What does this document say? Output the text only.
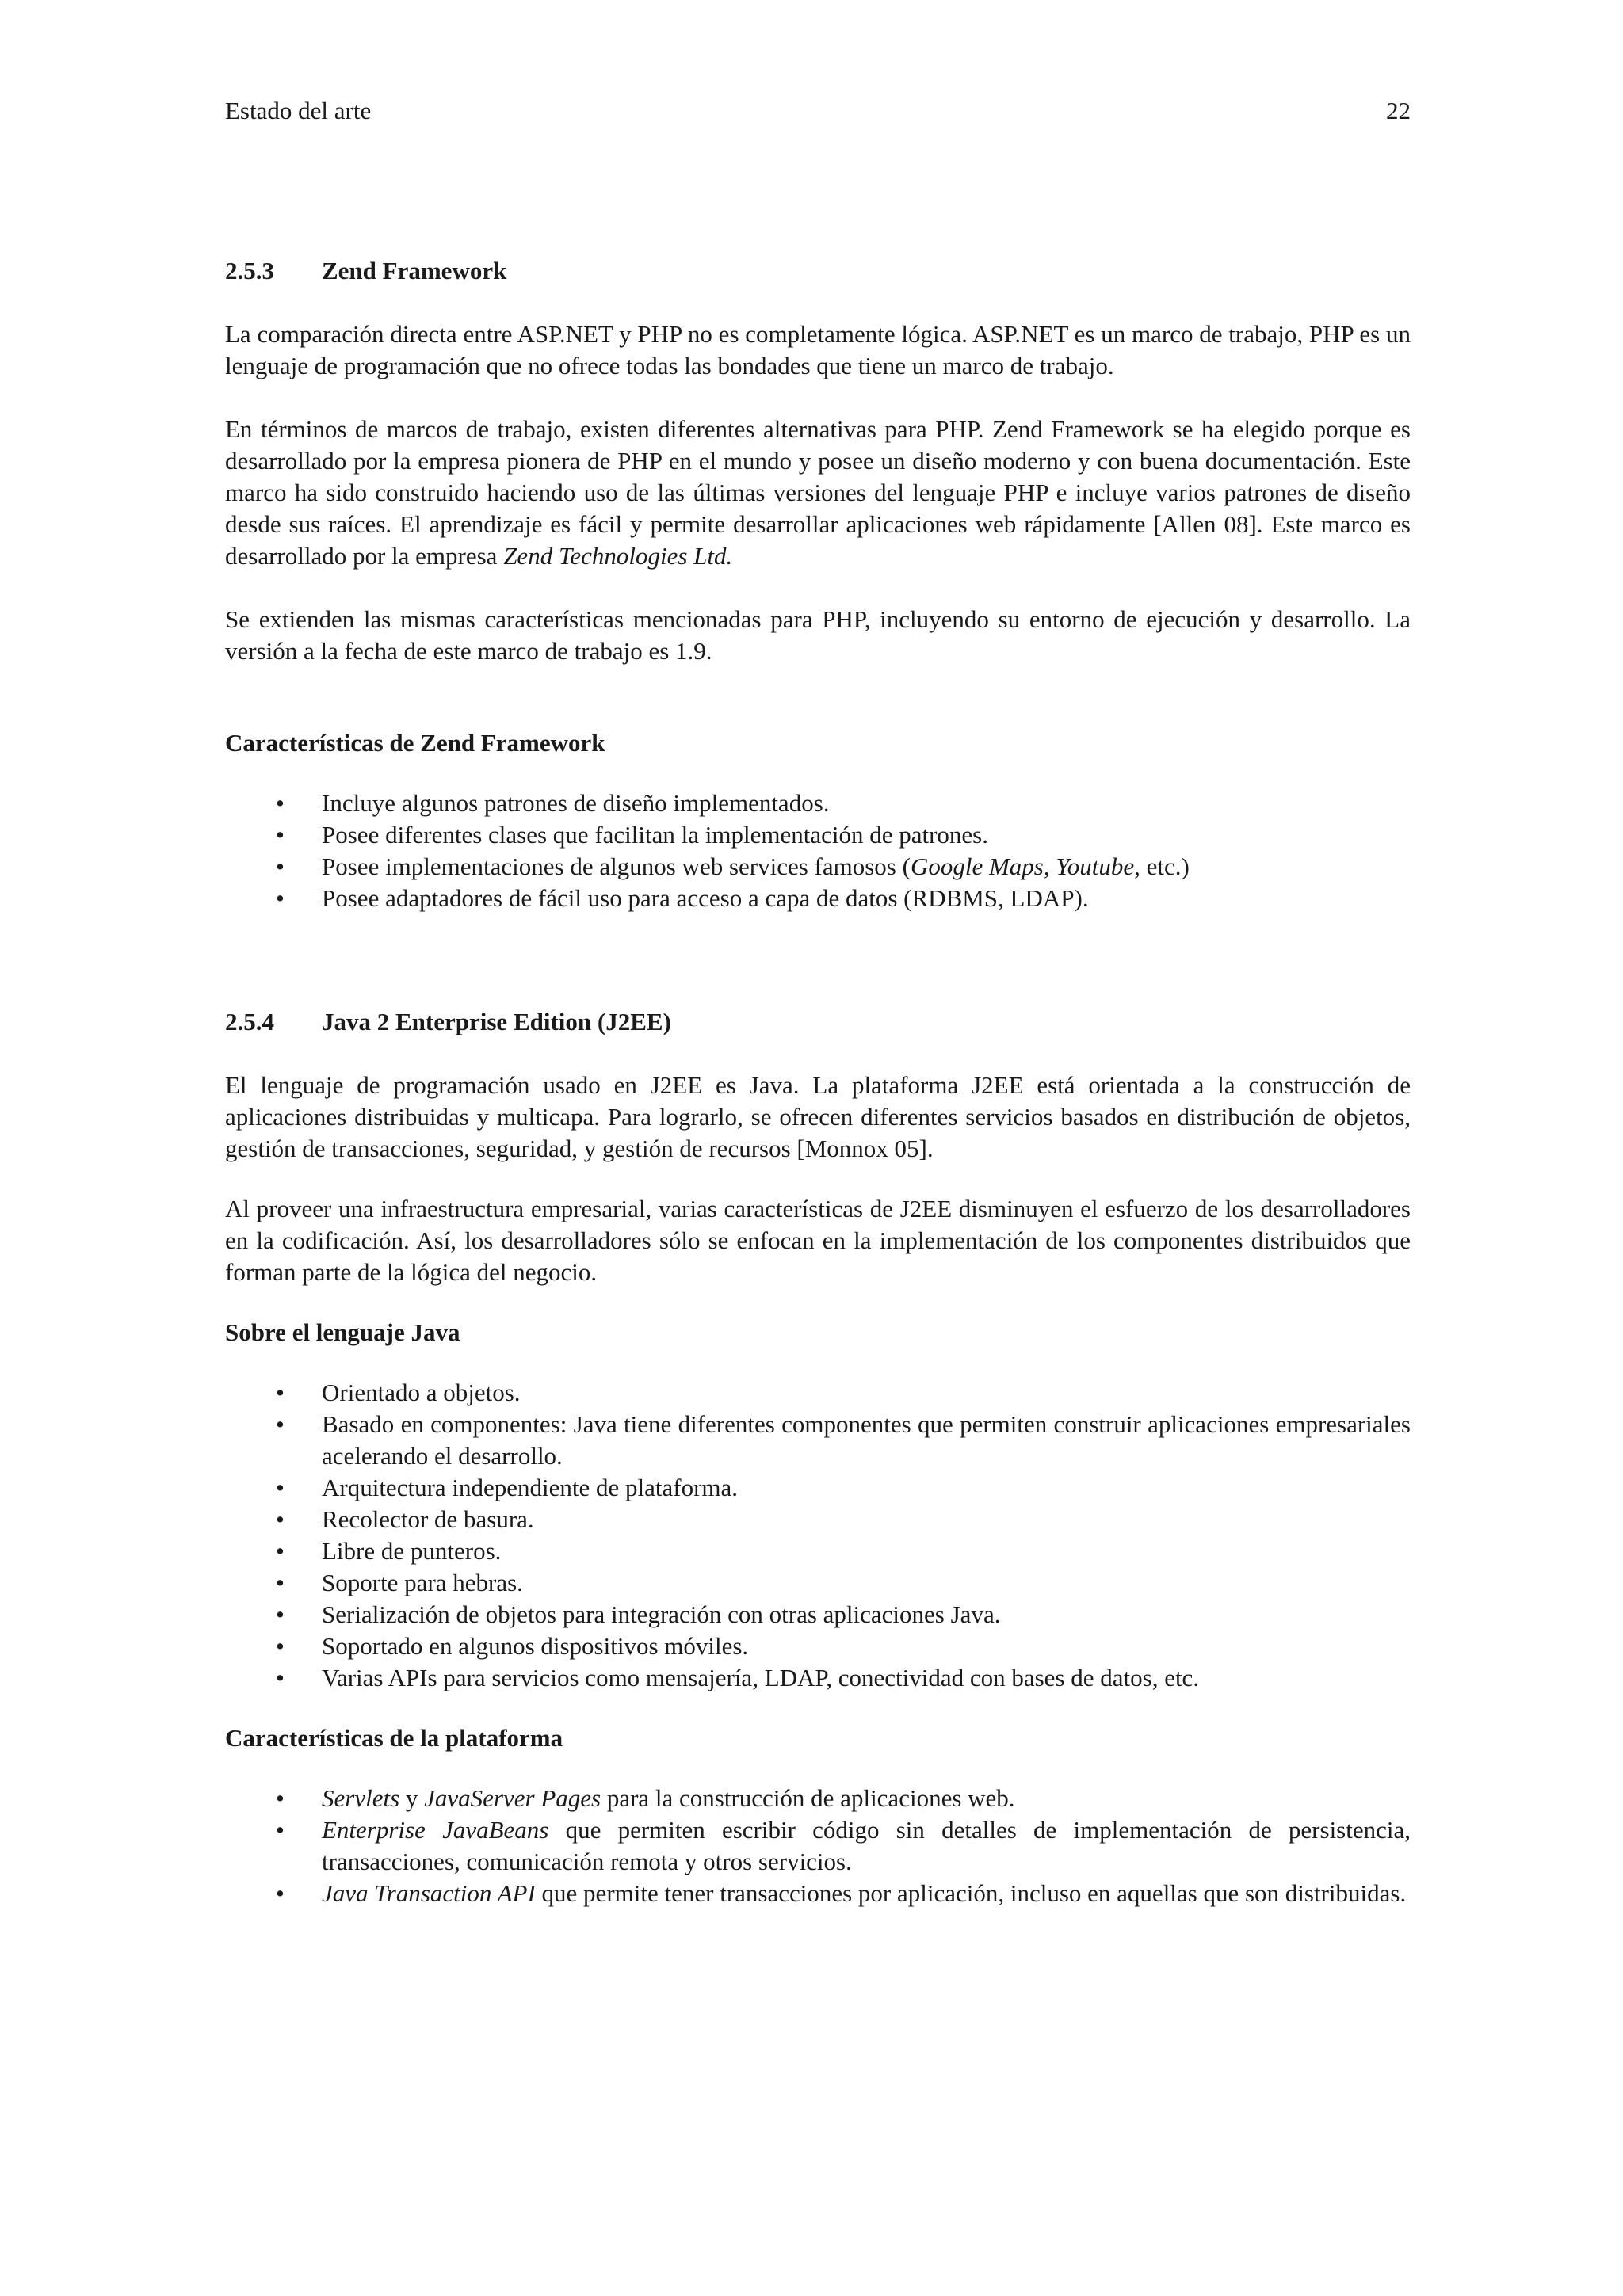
Estado del arte	22
2.5.3	Zend Framework

La comparación directa entre ASP.NET y PHP no es completamente lógica. ASP.NET es un marco de trabajo, PHP es un lenguaje de programación que no ofrece todas las bondades que tiene un marco de trabajo.

En términos de marcos de trabajo, existen diferentes alternativas para PHP. Zend Framework se ha elegido porque es desarrollado por la empresa pionera de PHP en el mundo y posee un diseño moderno y con buena documentación. Este marco ha sido construido haciendo uso de las últimas versiones del lenguaje PHP e incluye varios patrones de diseño desde sus raíces. El aprendizaje es fácil y permite desarrollar aplicaciones web rápidamente [Allen 08]. Este marco es desarrollado por la empresa Zend Technologies Ltd.

Se extienden las mismas características mencionadas para PHP, incluyendo su entorno de ejecución y desarrollo. La versión a la fecha de este marco de trabajo es 1.9.

Características de Zend Framework

• Incluye algunos patrones de diseño implementados.
• Posee diferentes clases que facilitan la implementación de patrones.
• Posee implementaciones de algunos web services famosos (Google Maps, Youtube, etc.)
• Posee adaptadores de fácil uso para acceso a capa de datos (RDBMS, LDAP).
2.5.4	Java 2 Enterprise Edition (J2EE)

El lenguaje de programación usado en J2EE es Java. La plataforma J2EE está orientada a la construcción de aplicaciones distribuidas y multicapa. Para lograrlo, se ofrecen diferentes servicios basados en distribución de objetos, gestión de transacciones, seguridad, y gestión de recursos [Monnox 05].

Al proveer una infraestructura empresarial, varias características de J2EE disminuyen el esfuerzo de los desarrolladores en la codificación. Así, los desarrolladores sólo se enfocan en la implementación de los componentes distribuidos que forman parte de la lógica del negocio.

Sobre el lenguaje Java

• Orientado a objetos.
• Basado en componentes: Java tiene diferentes componentes que permiten construir aplicaciones empresariales acelerando el desarrollo.
• Arquitectura independiente de plataforma.
• Recolector de basura.
• Libre de punteros.
• Soporte para hebras.
• Serialización de objetos para integración con otras aplicaciones Java.
• Soportado en algunos dispositivos móviles.
• Varias APIs para servicios como mensajería, LDAP, conectividad con bases de datos, etc.

Características de la plataforma

• Servlets y JavaServer Pages para la construcción de aplicaciones web.
• Enterprise JavaBeans que permiten escribir código sin detalles de implementación de persistencia, transacciones, comunicación remota y otros servicios.
• Java Transaction API que permite tener transacciones por aplicación, incluso en aquellas que son distribuidas.
